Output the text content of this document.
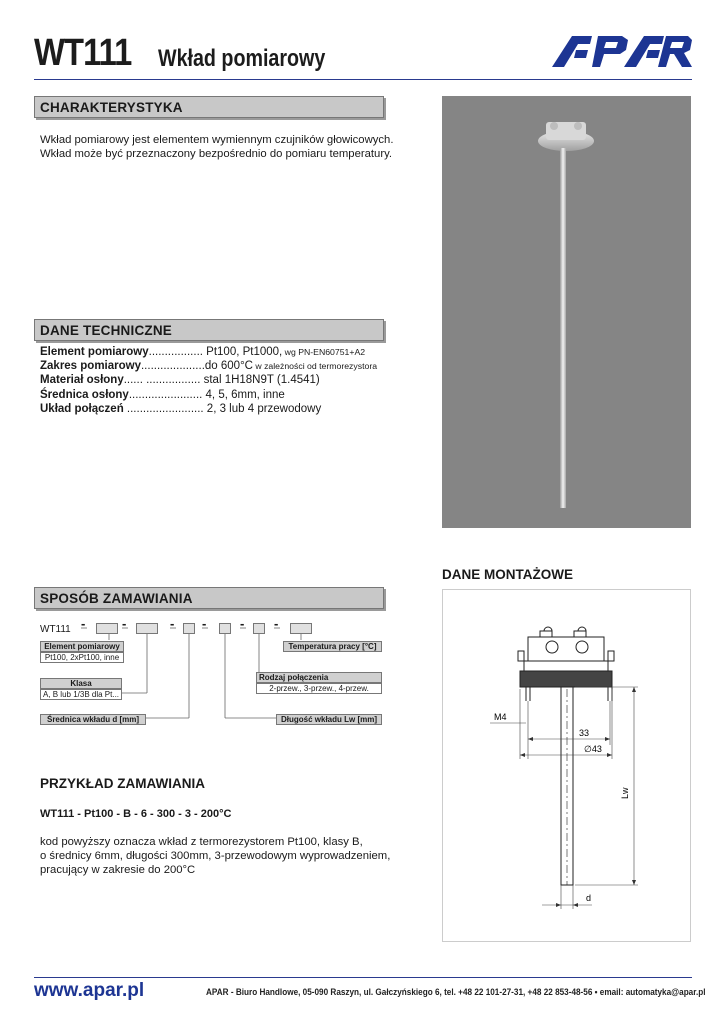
WT111 Wkład pomiarowy
CHARAKTERYSTYKA
Wkład pomiarowy jest elementem wymiennym czujników głowicowych.
Wkład może być przeznaczony bezpośrednio do pomiaru temperatury.
DANE TECHNICZNE
Element pomiarowy................. Pt100, Pt1000, wg PN-EN60751+A2
Zakres pomiarowy....................do 600°C w zależności od termorezystora
Materiał osłony...... ................. stal 1H18N9T (1.4541)
Średnica osłony....................... 4, 5, 6mm, inne
Układ połączeń ........................ 2, 3 lub 4 przewodowy
SPOSÓB ZAMAWIANIA
WT111 -	-	- -	- -
Element pomiarowy
Pt100, 2xPt100, inne
Klasa
A, B lub 1/3B dla Pt...
Średnica wkładu d [mm]
Temperatura pracy [°C]
Rodzaj połączenia
2-przew., 3-przew., 4-przew.
Długość wkładu Lw [mm]
PRZYKŁAD ZAMAWIANIA
WT111 - Pt100 - B - 6 - 300 - 3 - 200°C
kod powyższy oznacza wkład z termorezystorem Pt100, klasy B,
o średnicy 6mm, długości 300mm, 3-przewodowym wyprowadzeniem,
pracujący w zakresie do 200°C
DANE MONTAŻOWE
M4
33
∅43
Lw
d
www.apar.pl	APAR - Biuro Handlowe, 05-090 Raszyn, ul. Gałczyńskiego 6, tel. +48 22 101-27-31, +48 22 853-48-56 • email: automatyka@apar.pl
